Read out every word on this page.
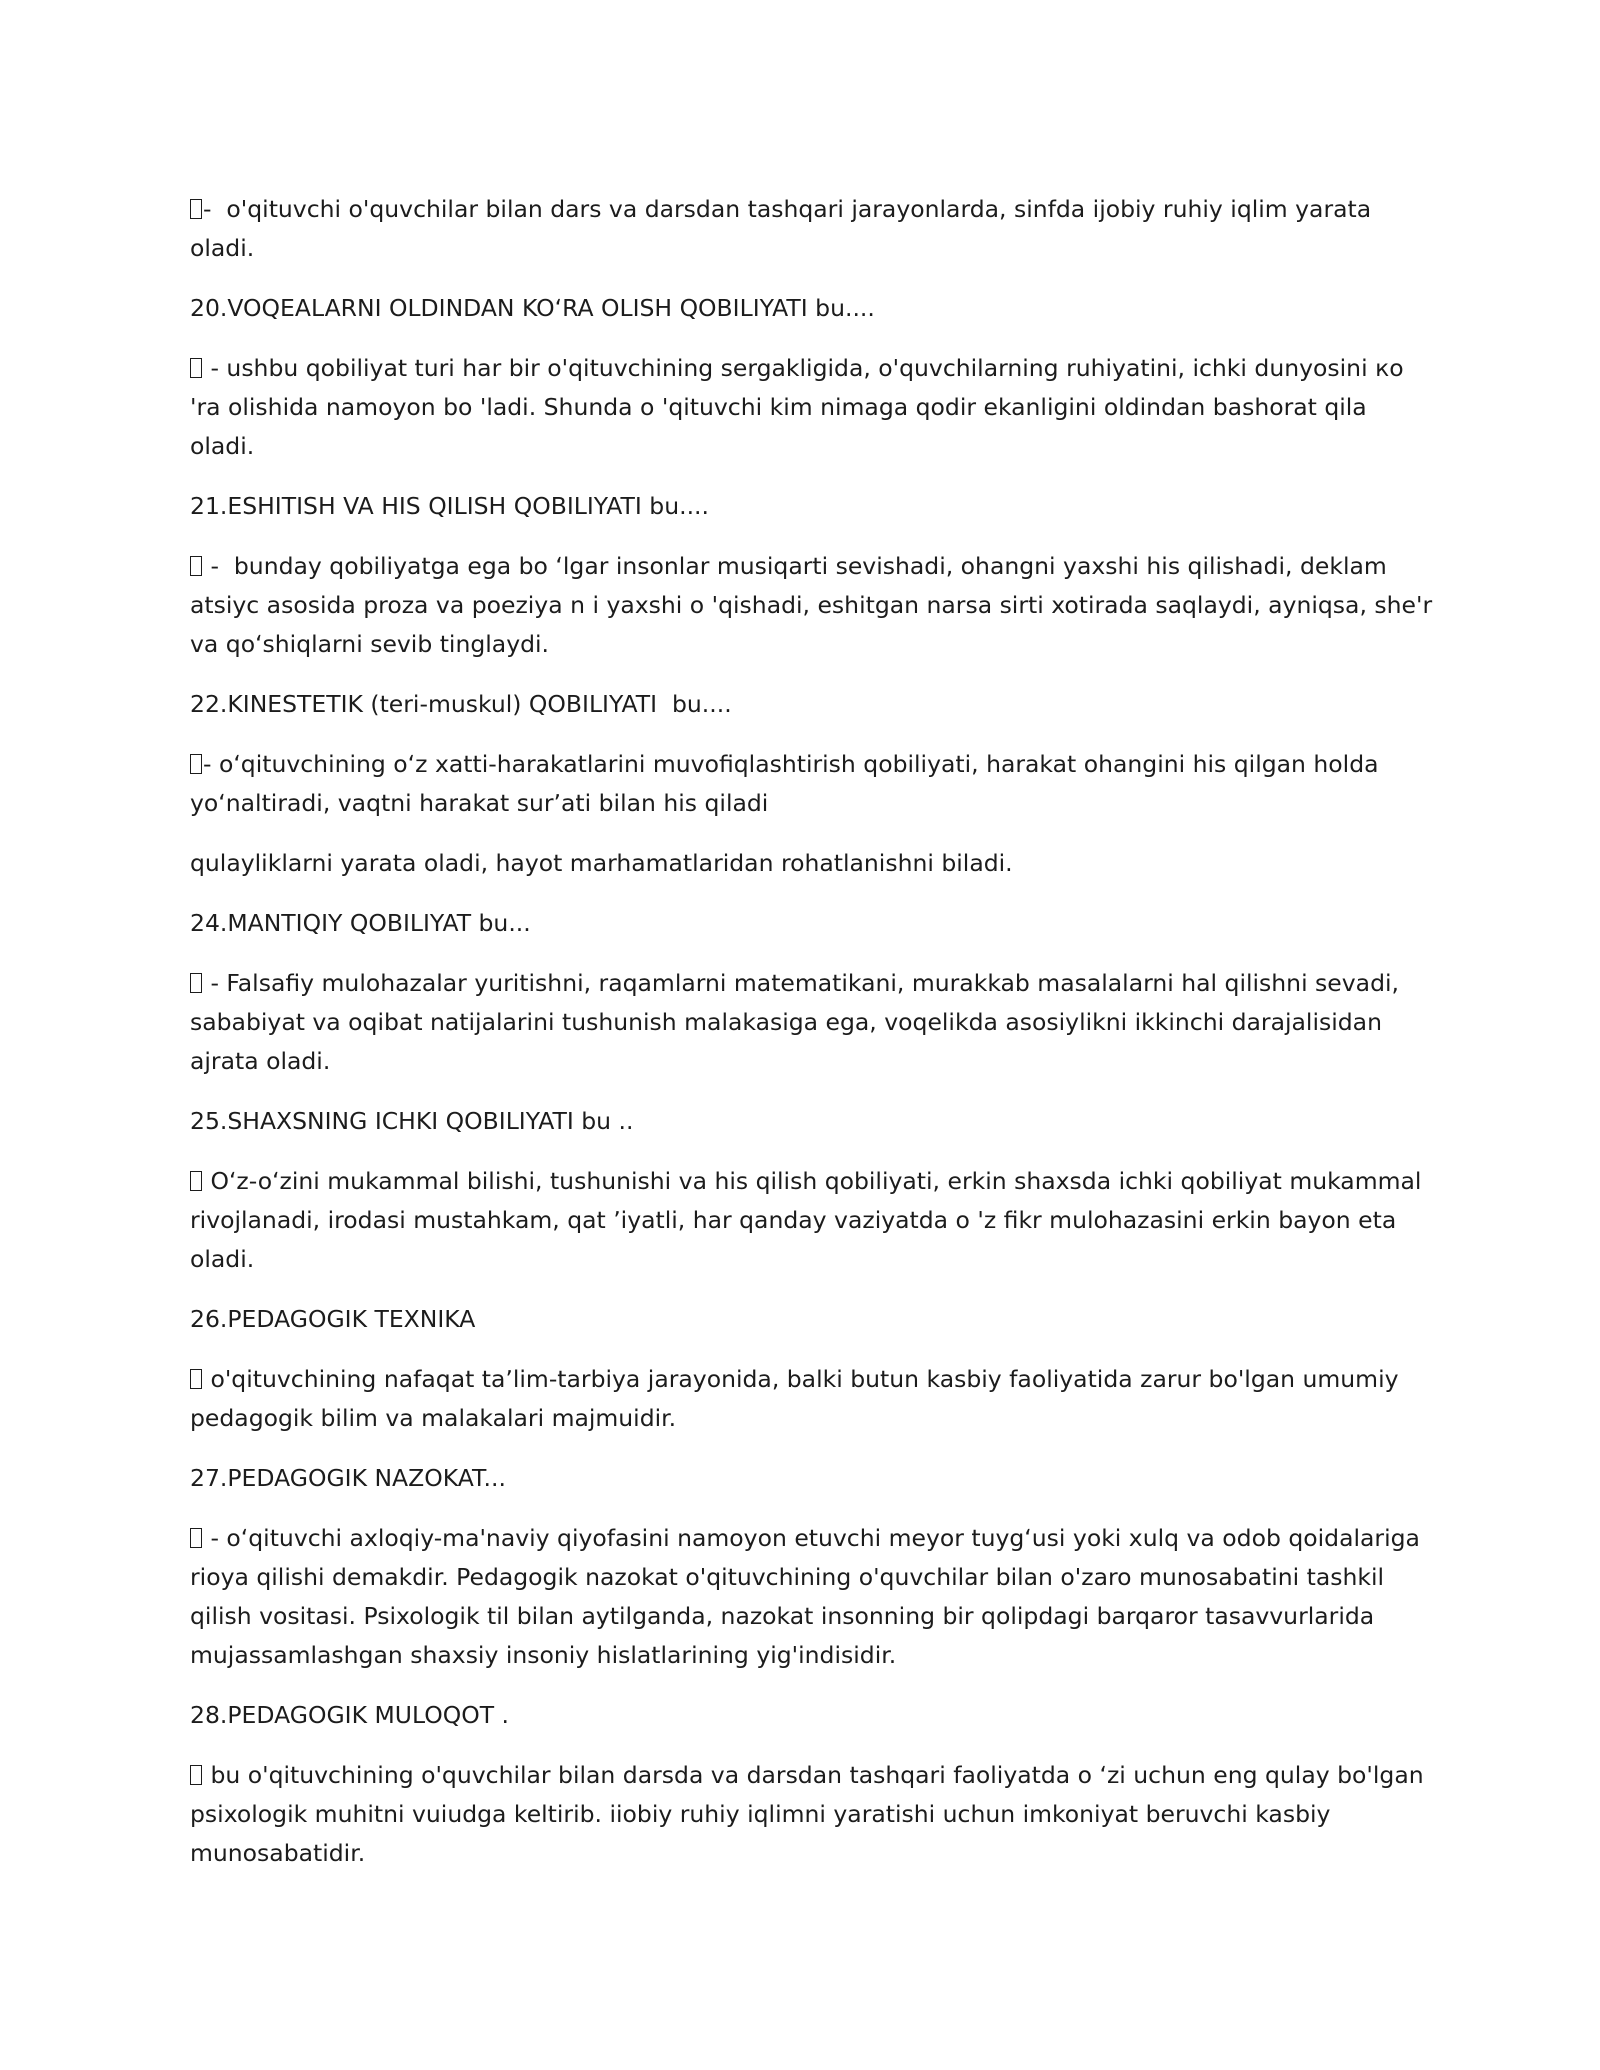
-  o'qituvchi o'quvchilar bilan dars va darsdan tashqari jarayonlarda, sinfda ijobiy ruhiy iqlim yarata
oladi.
20.VOQEALARNI OLDINDAN KOʻRA OLISH QOBILIYATI bu....
- ushbu qobiliyat turi har bir o'qituvchining sergakligida, o'quvchilarning ruhiyatini, ichki dunyosini кo
'ra olishida namoyon bo 'ladi. Shunda o 'qituvchi kim nimaga qodir ekanligini oldindan bashorat qila
oladi.
21.ESHITISH VA HIS QILISH QOBILIYATI bu....
-  bunday qobiliyatga ega bo ʻlgar insonlar musiqarti sevishadi, ohangni yaxshi his qilishadi, deklam
atsiyc asosida proza va poeziya n i yaxshi o 'qishadi, eshitgan narsa sirti xotirada saqlaydi, ayniqsa, she'r
va qoʻshiqlarni sevib tinglaydi.
22.KINESTETIK (teri-muskul) QOBILIYATI  bu....
- oʻqituvchining oʻz xatti-harakatlarini muvofiqlashtirish qobiliyati, harakat ohangini his qilgan holda
yoʻnaltiradi, vaqtni harakat surʼati bilan his qiladi
qulayliklarni yarata oladi, hayot marhamatlaridan rohatlanishni biladi.
24.MANTIQIY QOBILIYAT bu...
- Falsafiy mulohazalar yuritishni, raqamlarni matematikani, murakkab masalalarni hal qilishni sevadi,
sababiyat va oqibat natijalarini tushunish malakasiga ega, voqelikda asosiylikni ikkinchi darajalisidan
ajrata oladi.
25.SHAXSNING ICHKI QOBILIYATI bu ..
Oʻz-oʻzini mukammal bilishi, tushunishi va his qilish qobiliyati, erkin shaxsda ichki qobiliyat mukammal
rivojlanadi, irodasi mustahkam, qat ʼiyatli, har qanday vaziyatda o 'z fikr mulohazasini erkin bayon eta
oladi.
26.PEDAGOGIK TEXNIKA
o'qituvchining nafaqat taʼlim-tarbiya jarayonida, balki butun kasbiy faoliyatida zarur bo'lgan umumiy
pedagogik bilim va malakalari majmuidir.
27.PEDAGOGIK NAZOKAT...
- oʻqituvchi axloqiy-ma'naviy qiyofasini namoyon etuvchi meyor tuygʻusi yoki xulq va odob qoidalariga
rioya qilishi demakdir. Pedagogik nazokat o'qituvchining o'quvchilar bilan o'zaro munosabatini tashkil
qilish vositasi. Psixologik til bilan aytilganda, nazokat insonning bir qolipdagi barqaror tasavvurlarida
mujassamlashgan shaxsiy insoniy hislatlarining yig'indisidir.
28.PEDAGOGIK MULOQOT .
bu o'qituvchining o'quvchilar bilan darsda va darsdan tashqari faoliyatda o ʻzi uchun eng qulay bo'lgan
psixologik muhitni vuiudga keltirib. iiobiy ruhiy iqlimni yaratishi uchun imkoniyat beruvchi kasbiy
munosabatidir.
